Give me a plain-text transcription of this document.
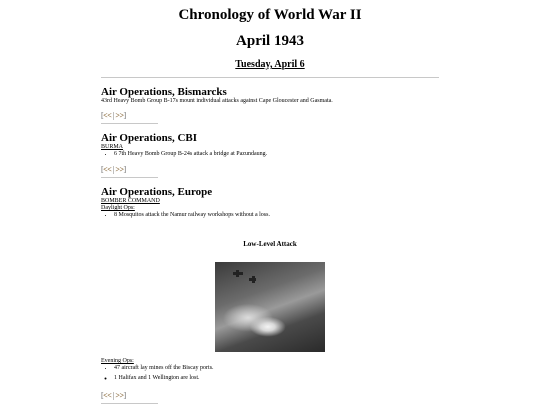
Chronology of World War II
April 1943
Tuesday, April 6

Air Operations, Bismarcks

43rd Heavy Bomb Group B-17s mount individual attacks against Cape Gloucester and Gasmata.

[<< | >>]

Air Operations, CBI

BURMA

• 6 7th Heavy Bomb Group B-24s attack a bridge at Pazundaung.
[<< | >>]

Air Operations, Europe

BOMBER COMMAND

Daylight Ops:

• 8 Mosquitos attack the Namur railway workshops without a loss.

Low-Level Attack

Evening Ops:

• 47 aircraft lay mines off the Biscay ports.
◦ 1 Halifax and 1 Wellington are lost.
[<< | >>]
